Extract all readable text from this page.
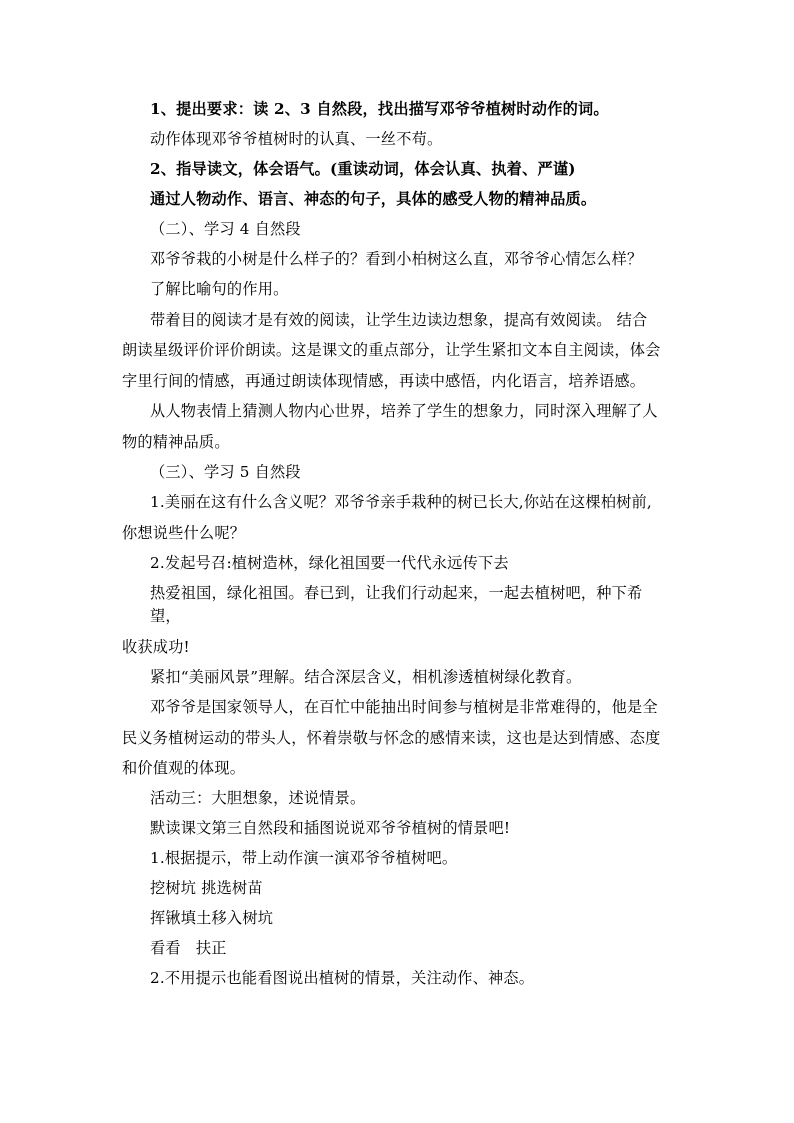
1、提出要求：读 2、3 自然段，找出描写邓爷爷植树时动作的词。

动作体现邓爷爷植树时的认真、一丝不苟。

2、指导读文，体会语气。(重读动词，体会认真、执着、严谨)

通过人物动作、语言、神态的句子，具体的感受人物的精神品质。

（二）、学习 4 自然段

邓爷爷栽的小树是什么样子的？看到小柏树这么直，邓爷爷心情怎么样？

了解比喻句的作用。

带着目的阅读才是有效的阅读，让学生边读边想象，提高有效阅读。 结合

朗读星级评价评价朗读。这是课文的重点部分，让学生紧扣文本自主阅读，体会

字里行间的情感，再通过朗读体现情感，再读中感悟，内化语言，培养语感。

从人物表情上猜测人物内心世界，培养了学生的想象力，同时深入理解了人

物的精神品质。

（三）、学习 5 自然段

1.美丽在这有什么含义呢？邓爷爷亲手栽种的树已长大,你站在这棵柏树前,

你想说些什么呢？

2.发起号召:植树造林，绿化祖国要一代代永远传下去

热爱祖国，绿化祖国。春已到，让我们行动起来，一起去植树吧，种下希望，

收获成功!

紧扣“美丽风景”理解。结合深层含义，相机渗透植树绿化教育。

邓爷爷是国家领导人，在百忙中能抽出时间参与植树是非常难得的，他是全

民义务植树运动的带头人，怀着崇敬与怀念的感情来读，这也是达到情感、态度

和价值观的体现。

活动三：大胆想象，述说情景。

默读课文第三自然段和插图说说邓爷爷植树的情景吧!

1.根据提示，带上动作演一演邓爷爷植树吧。

挖树坑 挑选树苗

挥锹填土移入树坑

看看   扶正

2.不用提示也能看图说出植树的情景，关注动作、神态。
